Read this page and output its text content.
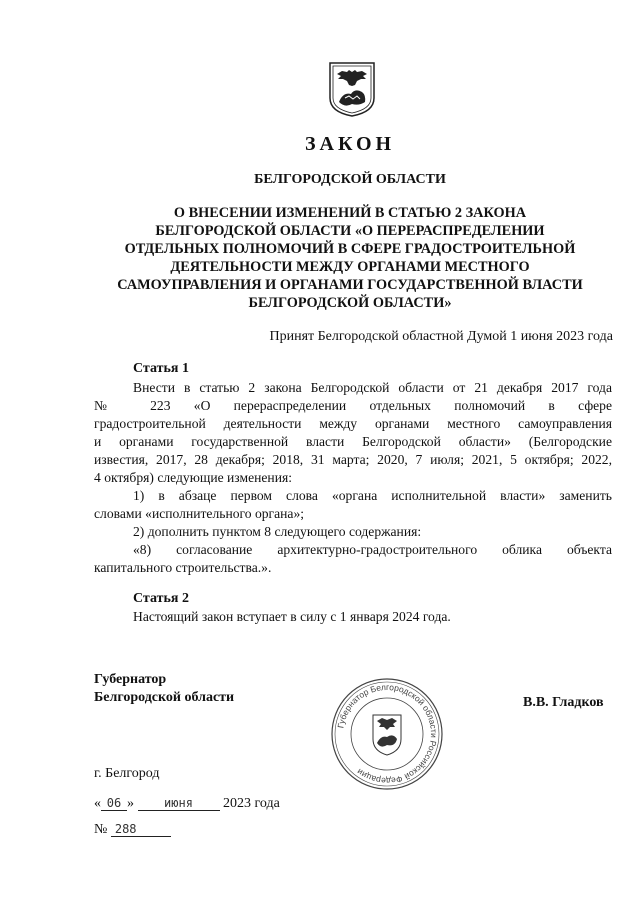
ЗАКОН
БЕЛГОРОДСКОЙ ОБЛАСТИ
О ВНЕСЕНИИ ИЗМЕНЕНИЙ В СТАТЬЮ 2 ЗАКОНА
БЕЛГОРОДСКОЙ ОБЛАСТИ «О ПЕРЕРАСПРЕДЕЛЕНИИ
ОТДЕЛЬНЫХ ПОЛНОМОЧИЙ В СФЕРЕ ГРАДОСТРОИТЕЛЬНОЙ
ДЕЯТЕЛЬНОСТИ МЕЖДУ ОРГАНАМИ МЕСТНОГО
САМОУПРАВЛЕНИЯ И ОРГАНАМИ ГОСУДАРСТВЕННОЙ ВЛАСТИ
БЕЛГОРОДСКОЙ ОБЛАСТИ»
Принят Белгородской областной Думой 1 июня 2023 года
Статья 1
Внести в статью 2 закона Белгородской области от 21 декабря 2017 года
№ 223 «О перераспределении отдельных полномочий в сфере
градостроительной деятельности между органами местного самоуправления
и органами государственной власти Белгородской области» (Белгородские
известия, 2017, 28 декабря; 2018, 31 марта; 2020, 7 июля; 2021, 5 октября; 2022,
4 октября) следующие изменения:
1) в абзаце первом слова «органа исполнительной власти» заменить
словами «исполнительного органа»;
2) дополнить пунктом 8 следующего содержания:
«8) согласование архитектурно-градостроительного облика объекта
капитального строительства.».
Статья 2
Настоящий закон вступает в силу с 1 января 2024 года.
Губернатор
Белгородской области	В.В. Гладков
Губернатор Белгородской области Российской Федерации
г. Белгород
« 06 »	июня 2023 года
№ 288
